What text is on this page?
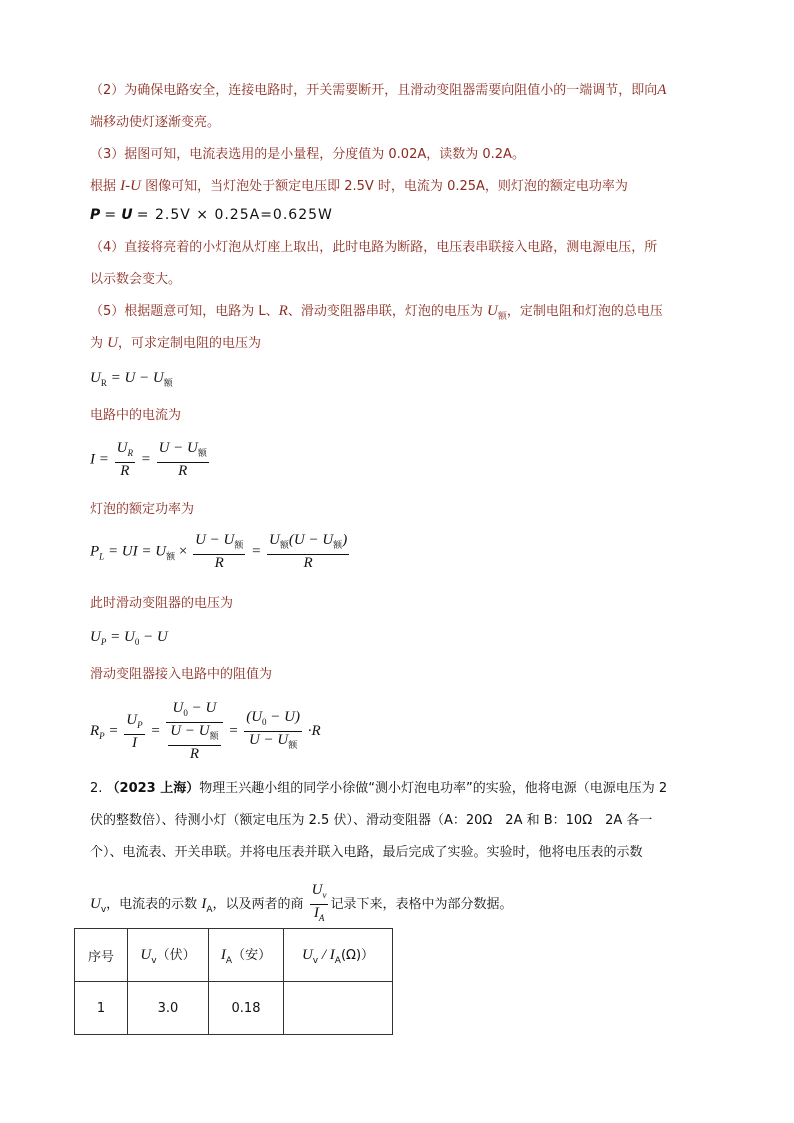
（2）为确保电路安全，连接电路时，开关需要断开，且滑动变阻器需要向阻值小的一端调节，即向A
端移动使灯逐渐变亮。
（3）据图可知，电流表选用的是小量程，分度值为 0.02A，读数为 0.2A。
根据 I-U 图像可知，当灯泡处于额定电压即 2.5V 时，电流为 0.25A，则灯泡的额定电功率为
P = U = 2.5V × 0.25A=0.625W
（4）直接将亮着的小灯泡从灯座上取出，此时电路为断路，电压表串联接入电路，测电源电压，所
以示数会变大。
（5）根据题意可知，电路为 L、R、滑动变阻器串联，灯泡的电压为 $U_额$，定制电阻和灯泡的总电压
为 U，可求定制电阻的电压为
$U_R = U - U_额$
电路中的电流为
$I = \frac{U_R}{R} = \frac{U - U_额}{R}$
灯泡的额定功率为
$P_L$ = UI = $U_额 \times \frac{U - U_额}{R} = \frac{U_额(U - U_额)}{R}$
此时滑动变阻器的电压为
$U_P = U_0 - U$
滑动变阻器接入电路中的阻值为
$R_P = \frac{U_P}{I} = \frac{U_0 - U}{\frac{U - U_额}{R}} = \frac{(U_0 - U)}{U - U_额} \cdot R$
2. （2023 上海）物理王兴趣小组的同学小徐做“测小灯泡电功率”的实验，他将电源（电源电压为 2
伏的整数倍）、待测小灯（额定电压为 2.5 伏）、滑动变阻器（A：20Ω　2A 和 B：10Ω　2A 各一
个）、电流表、开关串联。并将电压表并联入电路，最后完成了实验。实验时，他将电压表的示数
$U_v$，电流表的示数 $I_A$，以及两者的商 $\frac{U_v}{I_A}$ 记录下来，表格中为部分数据。
序号	$U_v$（伏）	$I_A$（安）	$U_v / I_A(\Omega)$）
1	3.0	0.18	
